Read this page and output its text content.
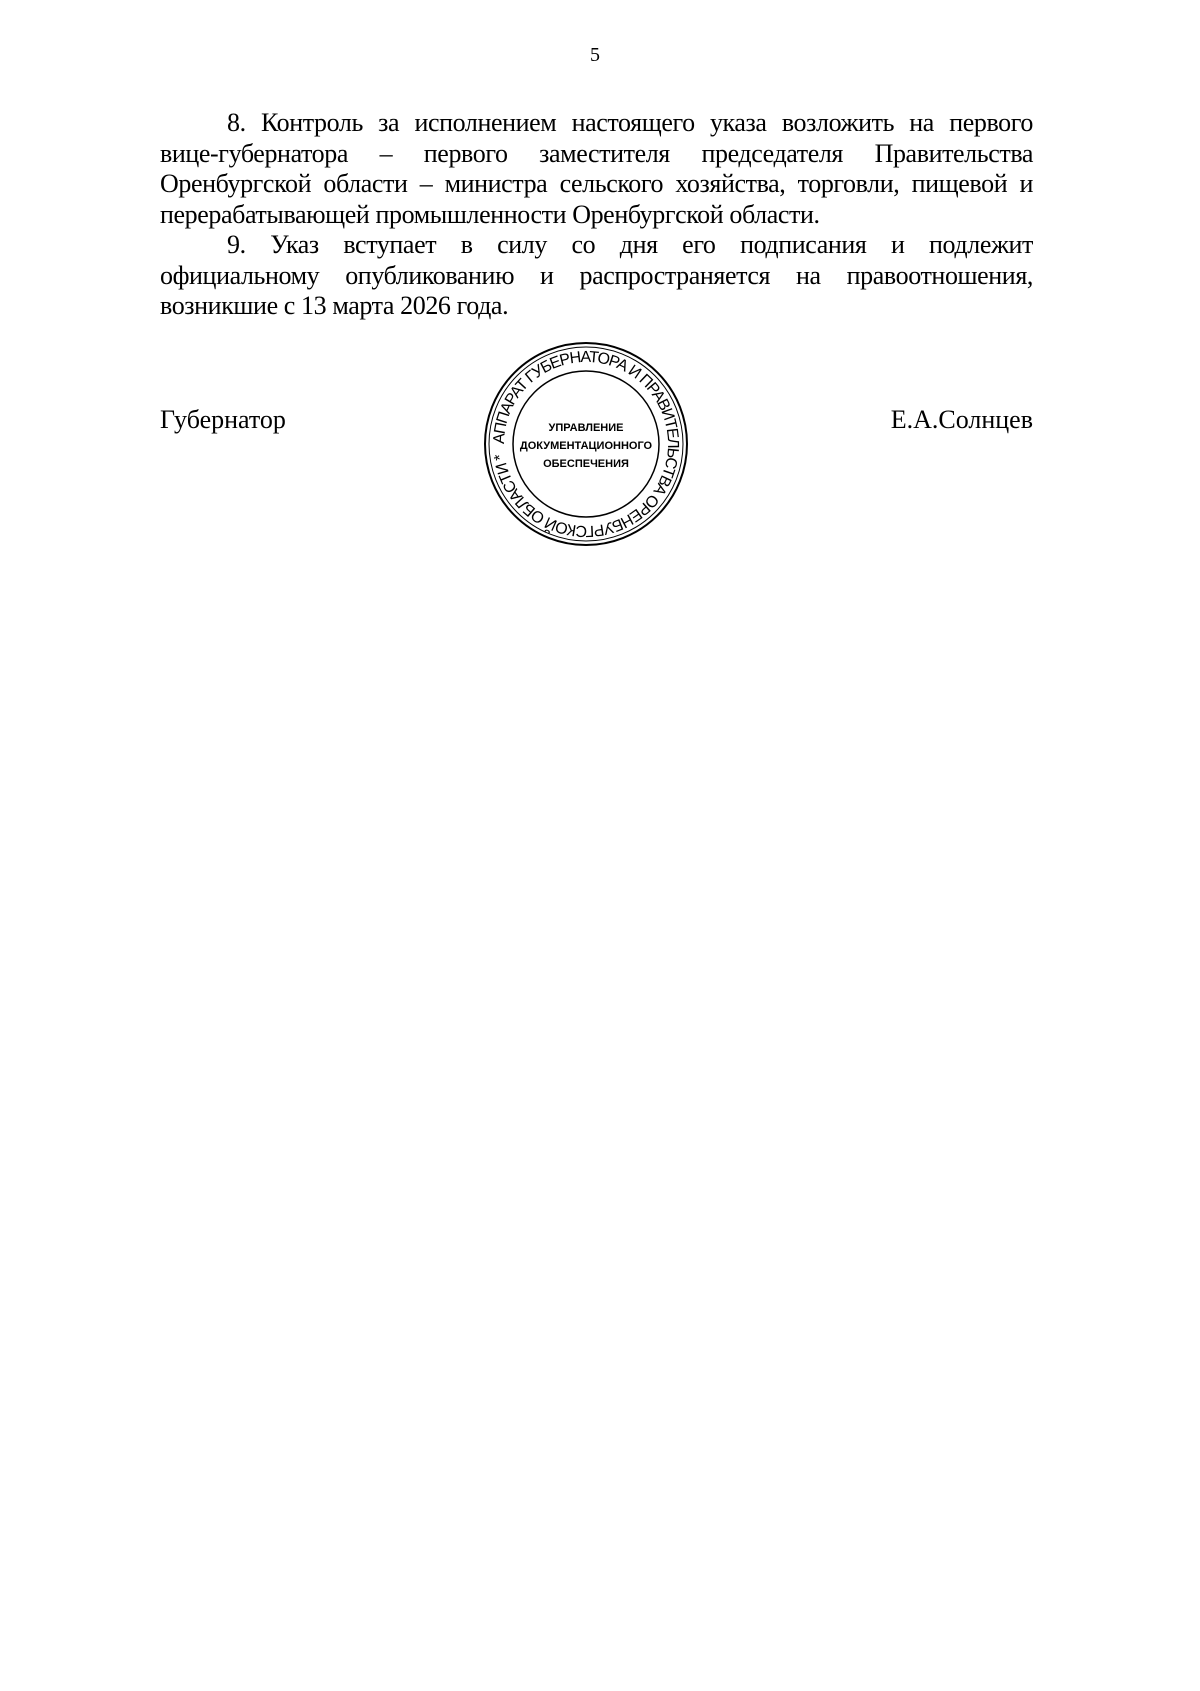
5
8. Контроль за исполнением настоящего указа возложить на первого
вице-губернатора – первого заместителя председателя Правительства
Оренбургской области – министра сельского хозяйства, торговли, пищевой и
перерабатывающей промышленности Оренбургской области.
9. Указ вступает в силу со дня его подписания и подлежит
официальному опубликованию и распространяется на правоотношения,
возникшие с 13 марта 2026 года.
Губернатор	Е.А.Солнцев
АППАРАТ ГУБЕРНАТОРА И ПРАВИТЕЛЬСТВА ОРЕНБУРГСКОЙ ОБЛАСТИ *
УПРАВЛЕНИЕ
ДОКУМЕНТАЦИОННОГО
ОБЕСПЕЧЕНИЯ
